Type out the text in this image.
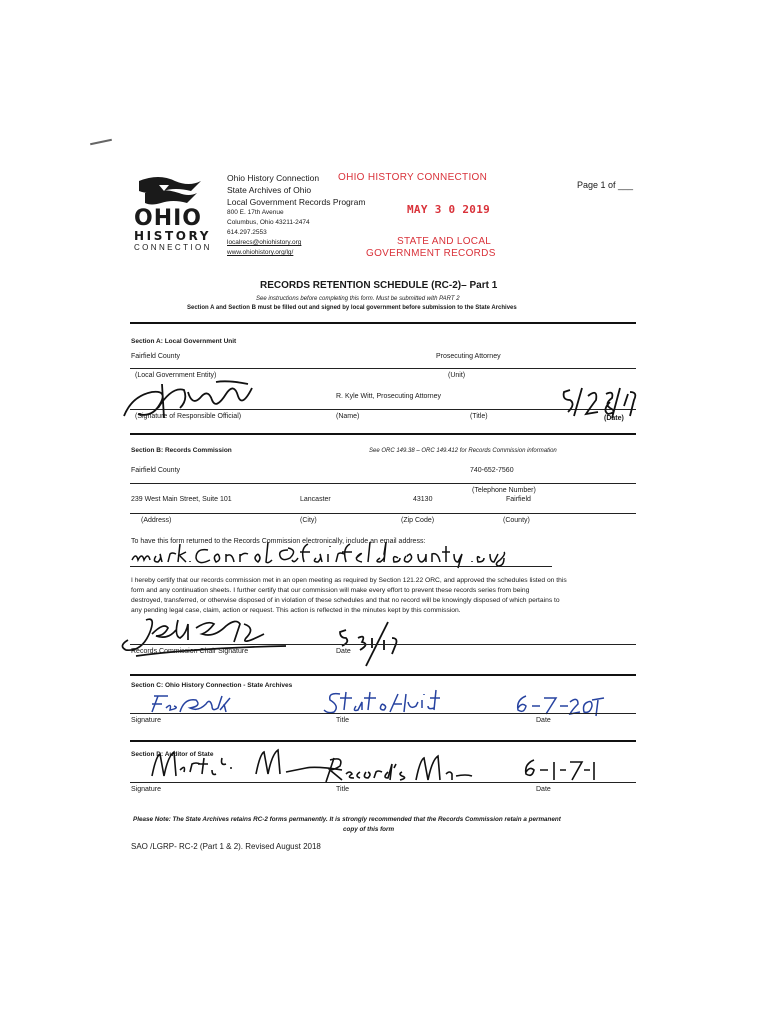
OHIO
HISTORY
CONNECTION
Ohio History Connection
State Archives of Ohio
Local Government Records Program
800 E. 17th Avenue
Columbus, Ohio 43211-2474
614.297.2553
localrecs@ohiohistory.org
www.ohiohistory.org/lg/
OHIO HISTORY CONNECTION
MAY 3 0 2019
STATE AND LOCAL
GOVERNMENT RECORDS
Page 1 of ___
RECORDS RETENTION SCHEDULE (RC-2)– Part 1
See instructions before completing this form. Must be submitted with PART 2
Section A and Section B must be filled out and signed by local government before submission to the State Archives
Section A: Local Government Unit
Fairfield County	Prosecuting Attorney
(Local Government Entity)	(Unit)
R. Kyle Witt, Prosecuting Attorney
(Signature of Responsible Official)	(Name)	(Title)	(Date)
Section B: Records Commission	See ORC 149.38 – ORC 149.412 for Records Commission information
Fairfield County	740-652-7560
(Telephone Number)
239 West Main Street, Suite 101	Lancaster	43130	Fairfield
(Address)	(City)	(Zip Code)	(County)
To have this form returned to the Records Commission electronically, include an email address:
I hereby certify that our records commission met in an open meeting as required by Section 121.22 ORC, and approved the schedules listed on this
form and any continuation sheets. I further certify that our commission will make every effort to prevent these records series from being
destroyed, transferred, or otherwise disposed of in violation of these schedules and that no record will be knowingly disposed of which pertains to
any pending legal case, claim, action or request. This action is reflected in the minutes kept by this commission.
Records Commission Chair Signature	Date
Section C: Ohio History Connection - State Archives
Signature	Title	Date
Section D: Auditor of State
Signature	Title	Date
Please Note: The State Archives retains RC-2 forms permanently. It is strongly recommended that the Records Commission retain a permanent
copy of this form
SAO /LGRP- RC-2 (Part 1 & 2). Revised August 2018
